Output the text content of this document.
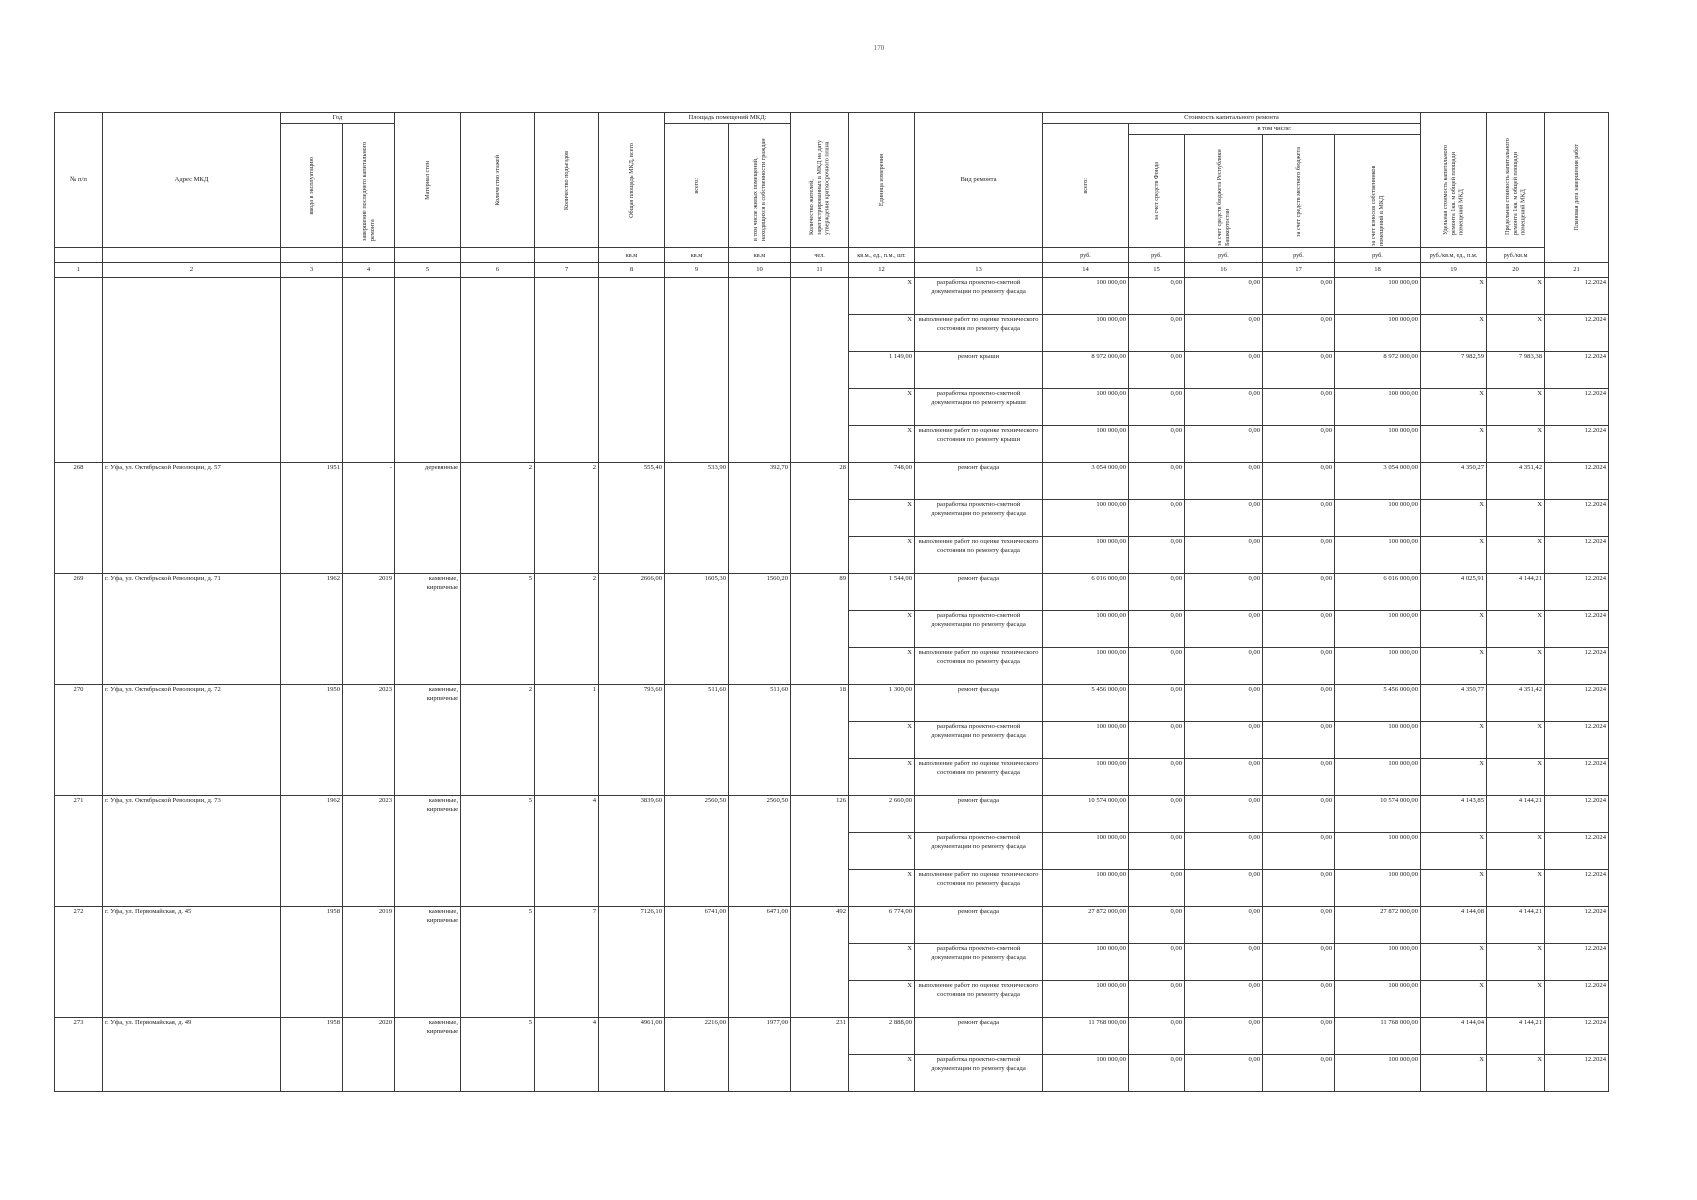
170
№ п/п	Адрес МКД	Год		Материал стен	Количество этажей	Количество подъездов	Общая площадь МКД, всего	Площадь помещений МКД:		Количество жителей, зарегистрированных в МКД на дату утверждения краткосрочного плана	Единица измерения	Вид ремонта	Стоимость капитального ремонта					Удельная стоимость капитального ремонта 1кв. м общей площади помещений МКД	Предельная стоимость капитального ремонта 1кв. м общей площади помещений МКД	Плановая дата завершения работ

		ввода в эксплуатацию	завершение последнего капитального ремонта					всего:	в том числе жилых помещений, находящихся в собственности граждан				всего:	в том числе:						

														за счет средств Фонда	за счет средств бюджета Республики Башкортостан	за счет средств местного бюджета	за счет взносов собственников помещений в МКД			

							кв.м	кв.м	кв.м	чел.	кв.м., ед., п.м., шт.		руб.	руб.	руб.	руб.	руб.	руб./кв.м, ед., п.м.	руб./кв.м	
1	2	3	4	5	6	7	8	9	10	11	12	13	14	15	16	17	18	19	20	21
											X	разработка проектно-сметной документации по ремонту фасада	100 000,00	0,00	0,00	0,00	100 000,00	X	X	12.2024
											X	выполнение работ по оценке технического состояния по ремонту фасада	100 000,00	0,00	0,00	0,00	100 000,00	X	X	12.2024
											1 149,00	ремонт крыши	8 972 000,00	0,00	0,00	0,00	8 972 000,00	7 982,59	7 983,38	12.2024
											X	разработка проектно-сметной документации по ремонту крыши	100 000,00	0,00	0,00	0,00	100 000,00	X	X	12.2024
											X	выполнение работ по оценке технического состояния по ремонту крыши	100 000,00	0,00	0,00	0,00	100 000,00	X	X	12.2024
268	г. Уфа, ул. Октябрьской Революции, д. 57	1951	-	деревянные	2	2	555,40	533,90	392,70	28	748,00	ремонт фасада	3 054 000,00	0,00	0,00	0,00	3 054 000,00	4 350,27	4 351,42	12.2024
											X	разработка проектно-сметной документации по ремонту фасада	100 000,00	0,00	0,00	0,00	100 000,00	X	X	12.2024
											X	выполнение работ по оценке технического состояния по ремонту фасада	100 000,00	0,00	0,00	0,00	100 000,00	X	X	12.2024
269	г. Уфа, ул. Октябрьской Революции, д. 71	1962	2019	каменные, кирпичные	5	2	2666,00	1605,30	1560,20	89	1 544,00	ремонт фасада	6 016 000,00	0,00	0,00	0,00	6 016 000,00	4 025,91	4 144,21	12.2024
											X	разработка проектно-сметной документации по ремонту фасада	100 000,00	0,00	0,00	0,00	100 000,00	X	X	12.2024
											X	выполнение работ по оценке технического состояния по ремонту фасада	100 000,00	0,00	0,00	0,00	100 000,00	X	X	12.2024
270	г. Уфа, ул. Октябрьской Революции, д. 72	1950	2023	каменные, кирпичные	2	1	793,60	511,60	511,60	18	1 300,00	ремонт фасада	5 456 000,00	0,00	0,00	0,00	5 456 000,00	4 350,77	4 351,42	12.2024
											X	разработка проектно-сметной документации по ремонту фасада	100 000,00	0,00	0,00	0,00	100 000,00	X	X	12.2024
											X	выполнение работ по оценке технического состояния по ремонту фасада	100 000,00	0,00	0,00	0,00	100 000,00	X	X	12.2024
271	г. Уфа, ул. Октябрьской Революции, д. 73	1962	2023	каменные, кирпичные	5	4	3839,60	2560,50	2560,50	126	2 660,00	ремонт фасада	10 574 000,00	0,00	0,00	0,00	10 574 000,00	4 143,85	4 144,21	12.2024
											X	разработка проектно-сметной документации по ремонту фасада	100 000,00	0,00	0,00	0,00	100 000,00	X	X	12.2024
											X	выполнение работ по оценке технического состояния по ремонту фасада	100 000,00	0,00	0,00	0,00	100 000,00	X	X	12.2024
272	г. Уфа, ул. Первомайская, д. 45	1958	2019	каменные, кирпичные	5	7	7126,10	6741,00	6471,00	492	6 774,00	ремонт фасада	27 872 000,00	0,00	0,00	0,00	27 872 000,00	4 144,08	4 144,21	12.2024
											X	разработка проектно-сметной документации по ремонту фасада	100 000,00	0,00	0,00	0,00	100 000,00	X	X	12.2024
											X	выполнение работ по оценке технического состояния по ремонту фасада	100 000,00	0,00	0,00	0,00	100 000,00	X	X	12.2024
273	г. Уфа, ул. Первомайская, д. 49	1958	2020	каменные, кирпичные	5	4	4961,00	2216,00	1977,00	231	2 888,00	ремонт фасада	11 768 000,00	0,00	0,00	0,00	11 768 000,00	4 144,04	4 144,21	12.2024
											X	разработка проектно-сметной документации по ремонту фасада	100 000,00	0,00	0,00	0,00	100 000,00	X	X	12.2024
